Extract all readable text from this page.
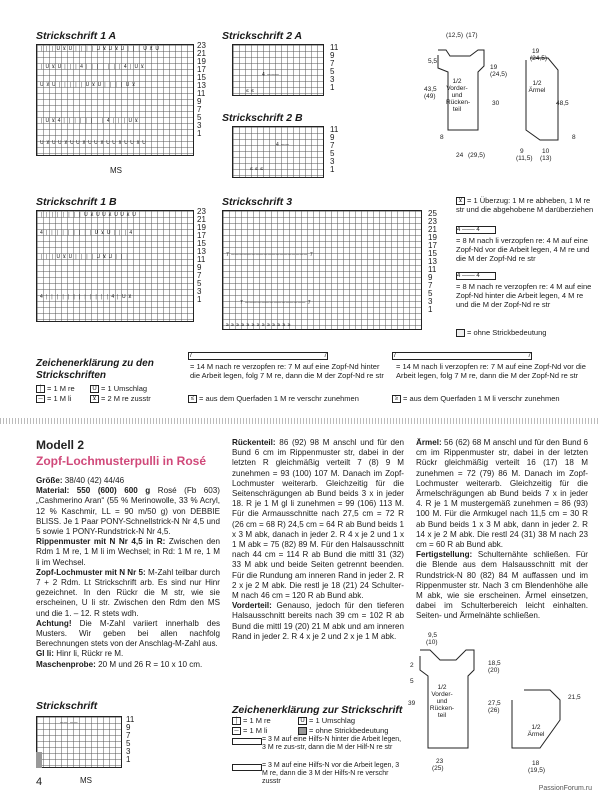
Strickschrift 1 A
│ │ │ U ⊻ U │ │ │ │ U ⊻ U ⊻ U │ │ │ U ⊻ U
│ U ⊻ U │ │ │ 4 │ │ │ │ │ │ │ 4 │ U ⊻
U ⊻ U │ │ │ │ │ U ⊻ U │ │ │ │ U ⊻
│ U ⊻ 4 │ │ │ │ │ │ │ │ 4 │ │ │ U ⊻
U ⊻ U U ⊻ U U ⊻ U U ⊻ U U ⊻ U U ⊻ U
23
21
19
17
15
13
11
9
7
5
3
1
MS
Strickschrift 2 A
4 ───
≤ ≤
11
9
7
5
3
1
Strickschrift 2 B
4 ──
≤ ≤ ≤
11
9
7
5
3
1
1/2 Vorder- und Rücken- teil
1/2 Ärmel
(12,5) (17)
5,5
43,5
(49)
19
(24,5)
30
8
24 (29,5)
19
(24,5)
48,5
8
9
(11,5)
10
(13)
Strickschrift 1 B
│ │ │ │ │ │ │ │ U ⊻ U U ⊻ U U ⊻ U
4 │ │ │ │ │ │ │ │ │ U ⊻ U │ │ │ 4
│ │ │ U ⊻ U │ │ │ │ U ⊻ U │ │ │
4 │ │ │ │ │ │ │ │ │ │ │ │ 4 │ U ⊻
23
21
19
17
15
13
11
9
7
5
3
1
Strickschrift 3
7 ─────────────────── 7
7 ─────────────── 7
≥ ≥ ≥ ≥ ≥ ≥ ≥ ≥ ≥ ≥ ≥ ≥ ≥
25
23
21
19
17
15
13
11
9
7
5
3
1
⊻ = 1 Überzug: 1 M re abheben, 1 M re str und die abgehobene M darüberziehen
4 ─── 4
= 8 M nach li verzopfen re: 4 M auf eine Zopf-Nd vor die Arbeit legen, 4 M re und die M der Zopf-Nd re str
4 ─── 4
= 8 M nach re verzopfen re: 4 M auf eine Zopf-Nd hinter die Arbeit legen, 4 M re und die M der Zopf-Nd re str
= ohne Strickbedeutung
Zeichenerklärung zu den Strickschriften
│ = 1 M re
─ = 1 M li
U = 1 Umschlag
⊻ = 2 M re zusstr
7	7
= 14 M nach re verzopfen re: 7 M auf eine Zopf-Nd hinter die Arbeit legen, folg 7 M re, dann die M der Zopf-Nd re str
≤ = aus dem Querfaden 1 M re verschr zunehmen
7	7
= 14 M nach li verzopfen re: 7 M auf eine Zopf-Nd vor die Arbeit legen, folg 7 M re, dann die M der Zopf-Nd re str
≥ = aus dem Querfaden 1 M li verschr zunehmen
Modell 2
Zopf-Lochmusterpulli in Rosé

Größe: 38/40 (42) 44/46

Material: 550 (600) 600 g Rosé (Fb 603) „Cashmerino Aran“ (55 % Merinowolle, 33 % Acryl, 12 % Kaschmir, LL = 90 m/50 g) von DEBBIE BLISS. Je 1 Paar PONY-Schnellstrick-N Nr 4,5 und 5 sowie 1 PONY-Rundstrick-N Nr 4,5.

Rippenmuster mit N Nr 4,5 in R: Zwischen den Rdm 1 M re, 1 M li im Wechsel; in Rd: 1 M re, 1 M li im Wechsel.

Zopf-Lochmuster mit N Nr 5: M-Zahl teilbar durch 7 + 2 Rdm. Lt Strickschrift arb. Es sind nur Hinr gezeichnet. In den Rückr die M str, wie sie erscheinen, U li str. Zwischen den Rdm den MS und die 1. – 12. R stets wdh.

Achtung! Die M-Zahl variiert innerhalb des Musters. Wir geben bei allen nachfolg Berechnungen stets von der Anschlag-M-Zahl aus.

Gl li: Hinr li, Rückr re M.

Maschenprobe: 20 M und 26 R = 10 x 10 cm.

Rückenteil: 86 (92) 98 M anschl und für den Bund 6 cm im Rippenmuster str, dabei in der letzten R gleichmäßig verteilt 7 (8) 9 M zunehmen = 93 (100) 107 M. Danach im Zopf-Lochmuster weiterarb. Gleichzeitig für die Seitenschrägungen ab Bund beids 3 x in jeder 18. R je 1 M gl li zunehmen = 99 (106) 113 M. Für die Armausschnitte nach 27,5 cm = 72 R (26 cm = 68 R) 24,5 cm = 64 R ab Bund beids 1 x 3 M abk, danach in jeder 2. R 4 x je 2 und 1 x 1 M abk = 75 (82) 89 M. Für den Halsausschnitt nach 44 cm = 114 R ab Bund die mittl 31 (32) 33 M abk und beide Seiten getrennt beenden. Für die Rundung am inneren Rand in jeder 2. R 2 x je 2 M abk. Die restl je 18 (21) 24 Schulter-M nach 46 cm = 120 R ab Bund abk.

Vorderteil: Genauso, jedoch für den tieferen Halsausschnitt bereits nach 39 cm = 102 R ab Bund die mittl 19 (20) 21 M abk und am inneren Rand in jeder 2. R 4 x je 2 und 2 x je 1 M abk.

Ärmel: 56 (62) 68 M anschl und für den Bund 6 cm im Rippenmuster str, dabei in der letzten Rückr gleichmäßig verteilt 16 (17) 18 M zunehmen = 72 (79) 86 M. Danach im Zopf-Lochmuster weiterarb. Gleichzeitig für die Ärmelschrägungen ab Bund beids 7 x in jeder 4. R je 1 M mustergemäß zunehmen = 86 (93) 100 M. Für die Armkugel nach 11,5 cm = 30 R ab Bund beids 1 x 3 M abk, dann in jeder 2. R 14 x je 2 M abk. Die restl 24 (31) 38 M nach 23 cm = 60 R ab Bund abk.

Fertigstellung: Schulternähte schließen. Für die Blende aus dem Halsausschnitt mit der Rundstrick-N 80 (82) 84 M auffassen und im Rippenmuster str. Nach 3 cm Blendenhöhe alle M abk, wie sie erscheinen. Ärmel einsetzen, dabei im Schulterbereich leicht einhalten. Seiten- und Ärmelnähte schließen.

Strickschrift
── ──	11
9
7
5
3
1
MS
Zeichenerklärung zur Strickschrift
│ = 1 M re
─ = 1 M li
U = 1 Umschlag
= ohne Strickbedeutung
= 3 M auf eine Hilfs-N hinter die Arbeit legen, 3 M re zus-str, dann die M der Hilf-N re str
= 3 M auf eine Hilfs-N vor die Arbeit legen, 3 M re, dann die 3 M der Hilfs-N re verschr zusstr
1/2 Vorder- und Rücken- teil
1/2 Ärmel
9,5
(10)
2
5
18,5
(20)
39	27,5
(26)
23
(25)
21,5
18
(19,5)
4
PassionForum.ru
